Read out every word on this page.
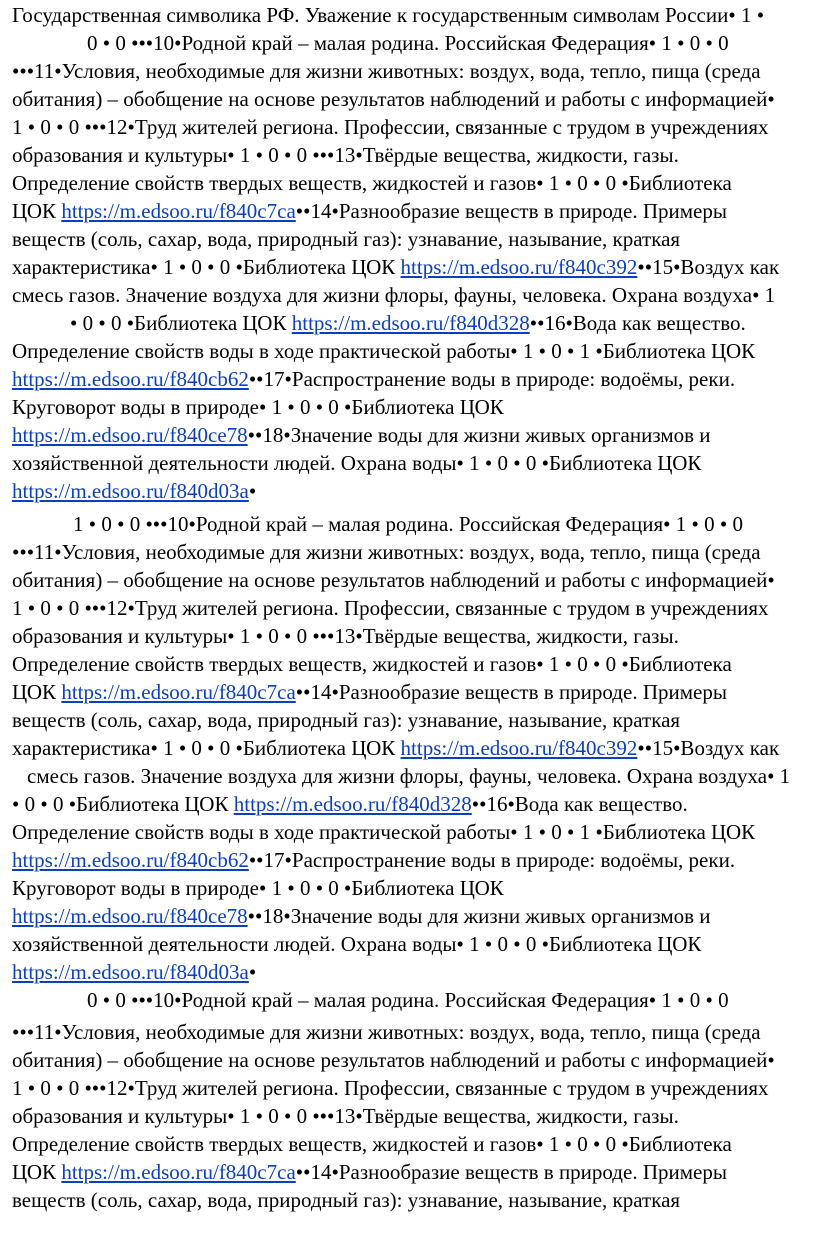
Государственная символика РФ. Уважение к государственным символам России• 1 •
0 • 0 •••10•Родной край – малая родина. Российская Федерация• 1 • 0 • 0
•••11•Условия, необходимые для жизни животных: воздух, вода, тепло, пища (среда
обитания) – обобщение на основе результатов наблюдений и работы с информацией•
1 • 0 • 0 •••12•Труд жителей региона. Профессии, связанные с трудом в учреждениях
образования и культуры• 1 • 0 • 0 •••13•Твёрдые вещества, жидкости, газы.
Определение свойств твердых веществ, жидкостей и газов• 1 • 0 • 0 •Библиотека
ЦОК https://m.edsoo.ru/f840c7ca••14•Разнообразие веществ в природе. Примеры
веществ (соль, сахар, вода, природный газ): узнавание, называние, краткая
характеристика• 1 • 0 • 0 •Библиотека ЦОК https://m.edsoo.ru/f840c392••15•Воздух как
смесь газов. Значение воздуха для жизни флоры, фауны, человека. Охрана воздуха• 1
• 0 • 0 •Библиотека ЦОК https://m.edsoo.ru/f840d328••16•Вода как вещество.
Определение свойств воды в ходе практической работы• 1 • 0 • 1 •Библиотека ЦОК
https://m.edsoo.ru/f840cb62••17•Распространение воды в природе: водоёмы, реки.
Круговорот воды в природе• 1 • 0 • 0 •Библиотека ЦОК
https://m.edsoo.ru/f840ce78••18•Значение воды для жизни живых организмов и
хозяйственной деятельности людей. Охрана воды• 1 • 0 • 0 •Библиотека ЦОК
https://m.edsoo.ru/f840d03a•
1 • 0 • 0 •••10•Родной край – малая родина. Российская Федерация• 1 • 0 • 0
•••11•Условия, необходимые для жизни животных: воздух, вода, тепло, пища (среда
обитания) – обобщение на основе результатов наблюдений и работы с информацией•
1 • 0 • 0 •••12•Труд жителей региона. Профессии, связанные с трудом в учреждениях
образования и культуры• 1 • 0 • 0 •••13•Твёрдые вещества, жидкости, газы.
Определение свойств твердых веществ, жидкостей и газов• 1 • 0 • 0 •Библиотека
ЦОК https://m.edsoo.ru/f840c7ca••14•Разнообразие веществ в природе. Примеры
веществ (соль, сахар, вода, природный газ): узнавание, называние, краткая
характеристика• 1 • 0 • 0 •Библиотека ЦОК https://m.edsoo.ru/f840c392••15•Воздух как
смесь газов. Значение воздуха для жизни флоры, фауны, человека. Охрана воздуха• 1
• 0 • 0 •Библиотека ЦОК https://m.edsoo.ru/f840d328••16•Вода как вещество.
Определение свойств воды в ходе практической работы• 1 • 0 • 1 •Библиотека ЦОК
https://m.edsoo.ru/f840cb62••17•Распространение воды в природе: водоёмы, реки.
Круговорот воды в природе• 1 • 0 • 0 •Библиотека ЦОК
https://m.edsoo.ru/f840ce78••18•Значение воды для жизни живых организмов и
хозяйственной деятельности людей. Охрана воды• 1 • 0 • 0 •Библиотека ЦОК
https://m.edsoo.ru/f840d03a•
0 • 0 •••10•Родной край – малая родина. Российская Федерация• 1 • 0 • 0
•••11•Условия, необходимые для жизни животных: воздух, вода, тепло, пища (среда
обитания) – обобщение на основе результатов наблюдений и работы с информацией•
1 • 0 • 0 •••12•Труд жителей региона. Профессии, связанные с трудом в учреждениях
образования и культуры• 1 • 0 • 0 •••13•Твёрдые вещества, жидкости, газы.
Определение свойств твердых веществ, жидкостей и газов• 1 • 0 • 0 •Библиотека
ЦОК https://m.edsoo.ru/f840c7ca••14•Разнообразие веществ в природе. Примеры
веществ (соль, сахар, вода, природный газ): узнавание, называние, краткая
